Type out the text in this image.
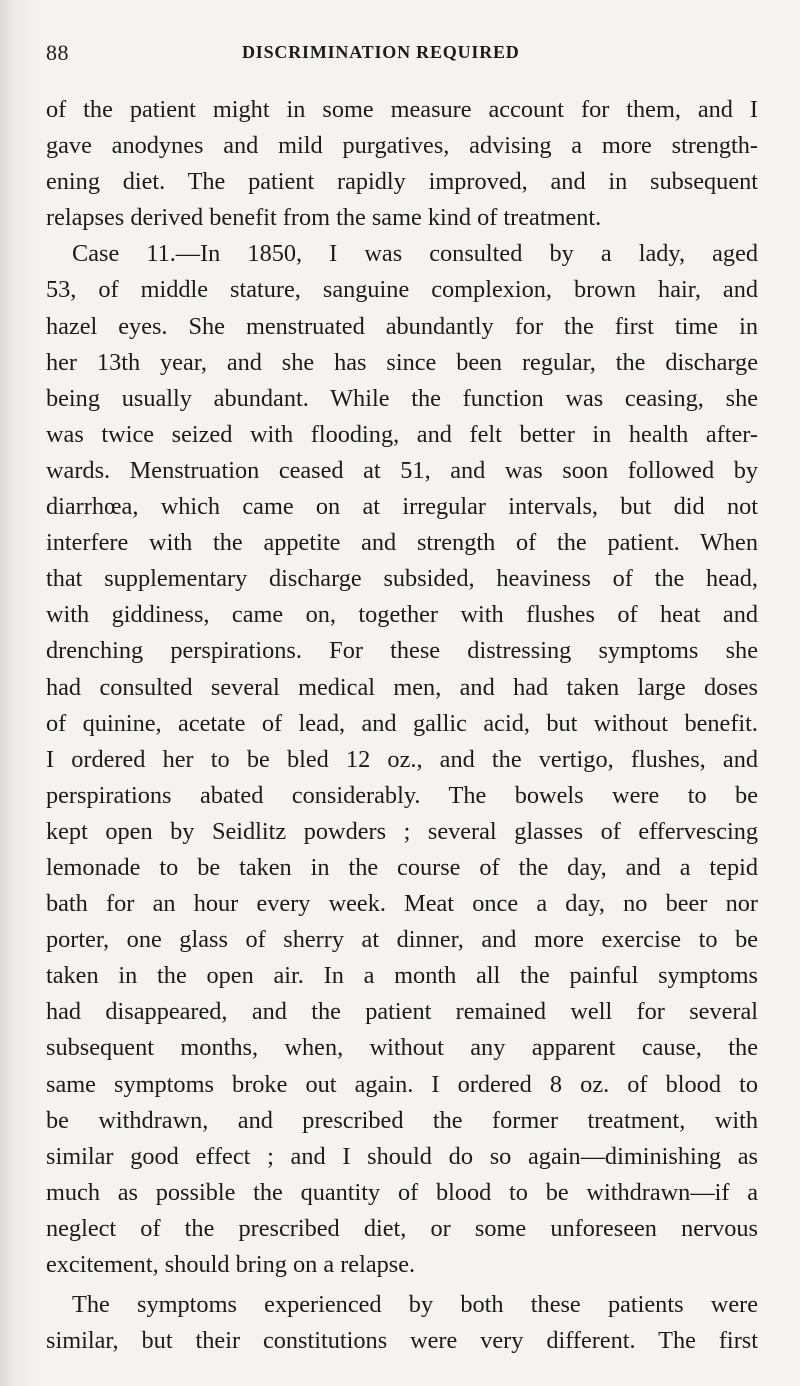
88	DISCRIMINATION REQUIRED
of the patient might in some measure account for them, and I
gave anodynes and mild purgatives, advising a more strength-
ening diet. The patient rapidly improved, and in subsequent
relapses derived benefit from the same kind of treatment.
Case 11.—In 1850, I was consulted by a lady, aged
53, of middle stature, sanguine complexion, brown hair, and
hazel eyes. She menstruated abundantly for the first time in
her 13th year, and she has since been regular, the discharge
being usually abundant. While the function was ceasing, she
was twice seized with flooding, and felt better in health after-
wards. Menstruation ceased at 51, and was soon followed by
diarrhœa, which came on at irregular intervals, but did not
interfere with the appetite and strength of the patient. When
that supplementary discharge subsided, heaviness of the head,
with giddiness, came on, together with flushes of heat and
drenching perspirations. For these distressing symptoms she
had consulted several medical men, and had taken large doses
of quinine, acetate of lead, and gallic acid, but without benefit.
I ordered her to be bled 12 oz., and the vertigo, flushes, and
perspirations abated considerably. The bowels were to be
kept open by Seidlitz powders ; several glasses of effervescing
lemonade to be taken in the course of the day, and a tepid
bath for an hour every week. Meat once a day, no beer nor
porter, one glass of sherry at dinner, and more exercise to be
taken in the open air. In a month all the painful symptoms
had disappeared, and the patient remained well for several
subsequent months, when, without any apparent cause, the
same symptoms broke out again. I ordered 8 oz. of blood to
be withdrawn, and prescribed the former treatment, with
similar good effect ; and I should do so again—diminishing as
much as possible the quantity of blood to be withdrawn—if a
neglect of the prescribed diet, or some unforeseen nervous
excitement, should bring on a relapse.
The symptoms experienced by both these patients were
similar, but their constitutions were very different. The first
